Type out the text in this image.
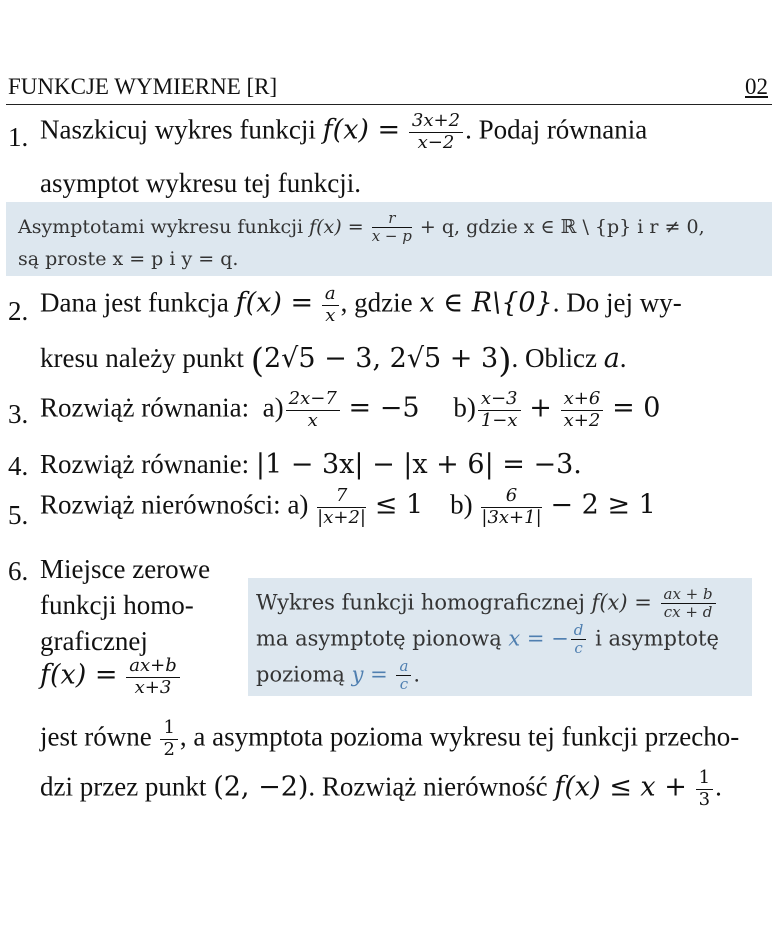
FUNKCJE WYMIERNE [R]	02
1. Naszkicuj wykres funkcji $f(x) = \frac{3x+2}{x-2}$ . Podaj równania
asymptot wykresu tej funkcji.
Asymptotami wykresu funkcji $f(x) = \frac{r}{x - p} + q$, gdzie x ∈ ℝ \ {p} i r ≠ 0,
są proste x = p i y = q.
2. Dana jest funkcja $f(x) = \frac{a}{x}$ , gdzie x ∈ R\{0}. Do jej wy-
kresu należy punkt (2√5 − 3, 2√5 + 3). Oblicz a.
3. Rozwiąż równania: $a) \frac{2x-7}{x} = -5$ $b) \frac{x-3}{1-x} + \frac{x+6}{x+2} = 0$
4. Rozwiąż równanie: |1 − 3x| − |x + 6| = −3.
5. Rozwiąż nierówności: $a) \frac{7}{|x+2|} \le 1$ $b) \frac{6}{|3x+1|} - 2 \ge 1$
6. Miejsce zerowe
funkcji homo-
graficznej
$f(x) = \frac{ax+b}{x+3}$
Wykres funkcji homograficznej $f(x) = \frac{ax + b}{cx + d}$
ma asymptotę pionową x = − $\frac{d}{c}$ i asymptotę
poziomą $y = \frac{a}{c}$ .
jest równe $\frac{1}{2}$ , a asymptota pozioma wykresu tej funkcji przecho-
dzi przez punkt (2, −2). Rozwiąż nierówność $f(x) \le x + \frac{1}{3}$ .
